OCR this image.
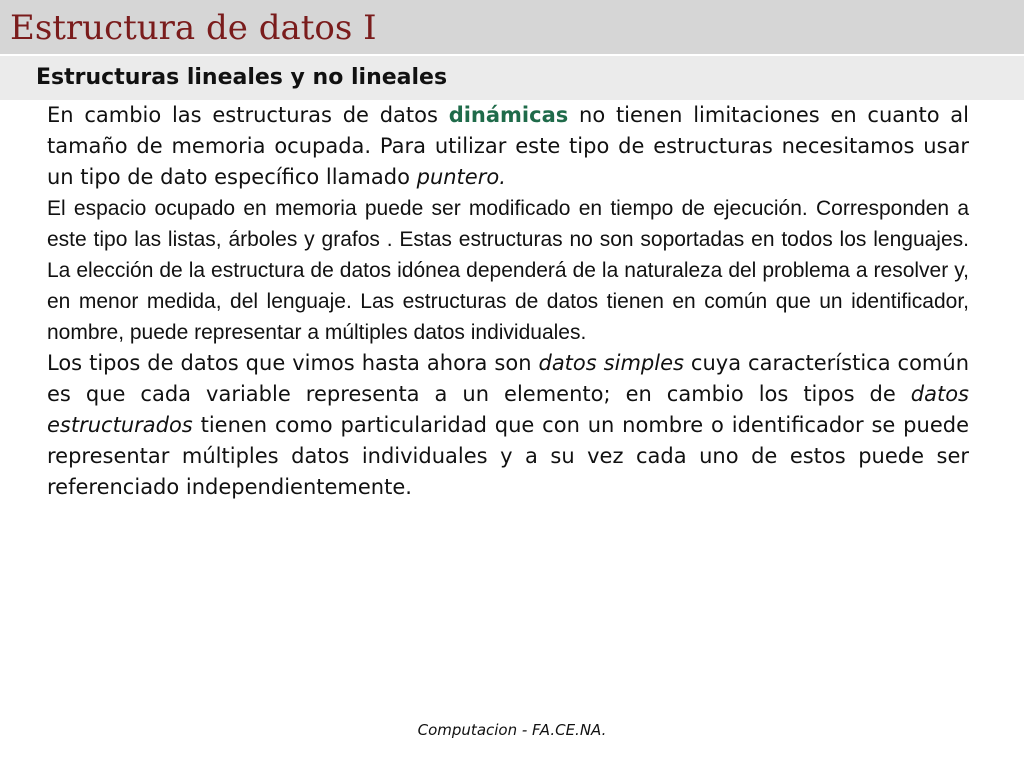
Estructura de datos I
Estructuras lineales y no lineales

En cambio las estructuras de datos dinámicas no tienen limitaciones en cuanto al tamaño de memoria ocupada. Para utilizar este tipo de estructuras necesitamos usar un tipo de dato específico llamado puntero.

El espacio ocupado en memoria puede ser modificado en tiempo de ejecución. Corresponden a este tipo las listas, árboles y grafos . Estas estructuras no son soportadas en todos los lenguajes. La elección de la estructura de datos idónea dependerá de la naturaleza del problema a resolver y, en menor medida, del lenguaje. Las estructuras de datos tienen en común que un identificador, nombre, puede representar a múltiples datos individuales.

Los tipos de datos que vimos hasta ahora son datos simples cuya característica común es que cada variable representa a un elemento; en cambio los tipos de datos estructurados tienen como particularidad que con un nombre o identificador se puede representar múltiples datos individuales y a su vez cada uno de estos puede ser referenciado independientemente.

Computacion - FA.CE.NA.
